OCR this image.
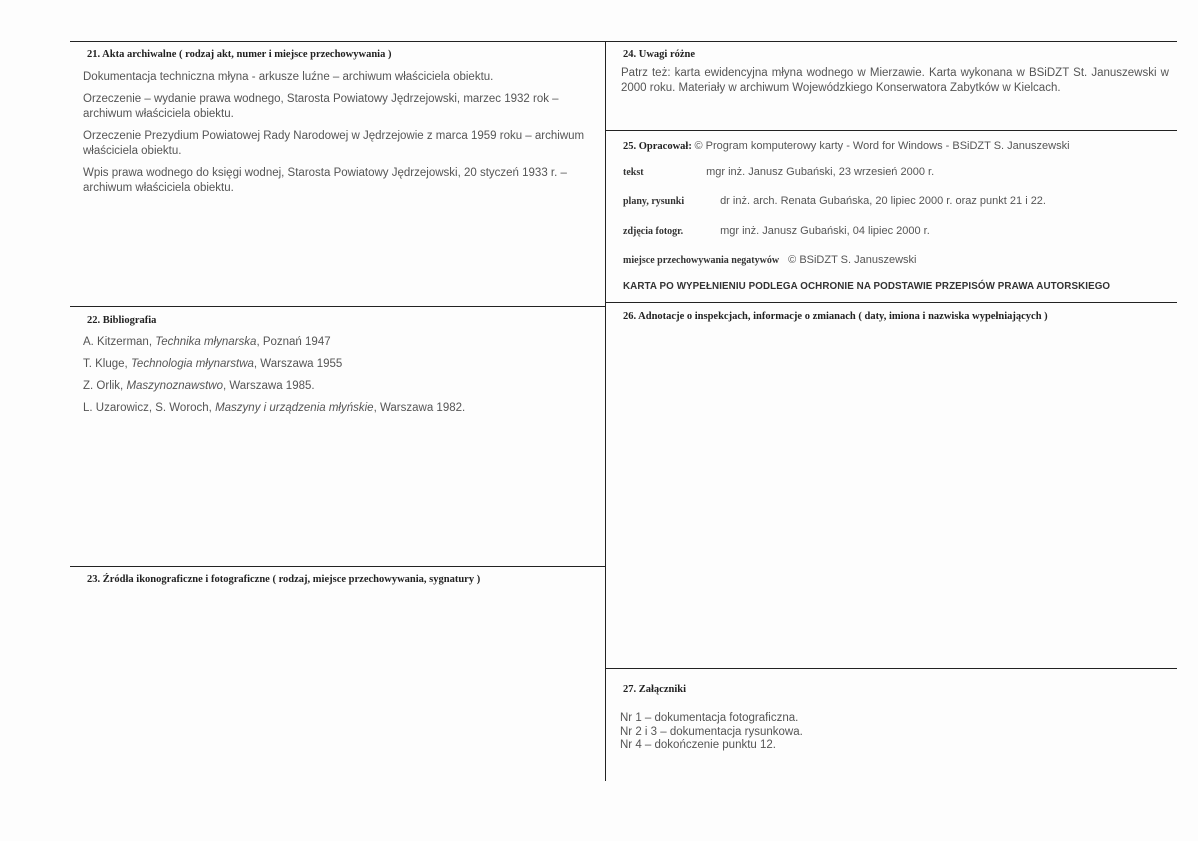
21. Akta archiwalne ( rodzaj akt, numer i miejsce przechowywania )

Dokumentacja techniczna młyna - arkusze luźne – archiwum właściciela obiektu.

Orzeczenie – wydanie prawa wodnego, Starosta Powiatowy Jędrzejowski, marzec 1932 rok – archiwum właściciela obiektu.

Orzeczenie Prezydium Powiatowej Rady Narodowej w Jędrzejowie z marca 1959 roku – archiwum właściciela obiektu.

Wpis prawa wodnego do księgi wodnej, Starosta Powiatowy Jędrzejowski, 20 styczeń 1933 r. – archiwum właściciela obiektu.

22. Bibliografia

A. Kitzerman, Technika młynarska, Poznań 1947

T. Kluge, Technologia młynarstwa, Warszawa 1955

Z. Orlik, Maszynoznawstwo, Warszawa 1985.

L. Uzarowicz, S. Woroch, Maszyny i urządzenia młyńskie, Warszawa 1982.

23. Źródła ikonograficzne i fotograficzne ( rodzaj, miejsce przechowywania, sygnatury )
24. Uwagi różne
Patrz też: karta ewidencyjna młyna wodnego w Mierzawie. Karta wykonana w BSiDZT St. Januszewski w 2000 roku. Materiały w archiwum Wojewódzkiego Konserwatora Zabytków w Kielcach.
25. Opracował: © Program komputerowy karty - Word for Windows - BSiDZT S. Januszewski
tekst	mgr inż. Janusz Gubański, 23 wrzesień 2000 r.
plany, rysunki	dr inż. arch. Renata Gubańska, 20 lipiec 2000 r. oraz punkt 21 i 22.
zdjęcia fotogr.	mgr inż. Janusz Gubański, 04 lipiec 2000 r.
miejsce przechowywania negatywów © BSiDZT S. Januszewski
KARTA PO WYPEŁNIENIU PODLEGA OCHRONIE NA PODSTAWIE PRZEPISÓW PRAWA AUTORSKIEGO
26. Adnotacje o inspekcjach, informacje o zmianach ( daty, imiona i nazwiska wypełniających )
27. Załączniki

Nr 1 – dokumentacja fotograficzna.

Nr 2 i 3 – dokumentacja rysunkowa.

Nr 4 – dokończenie punktu 12.
